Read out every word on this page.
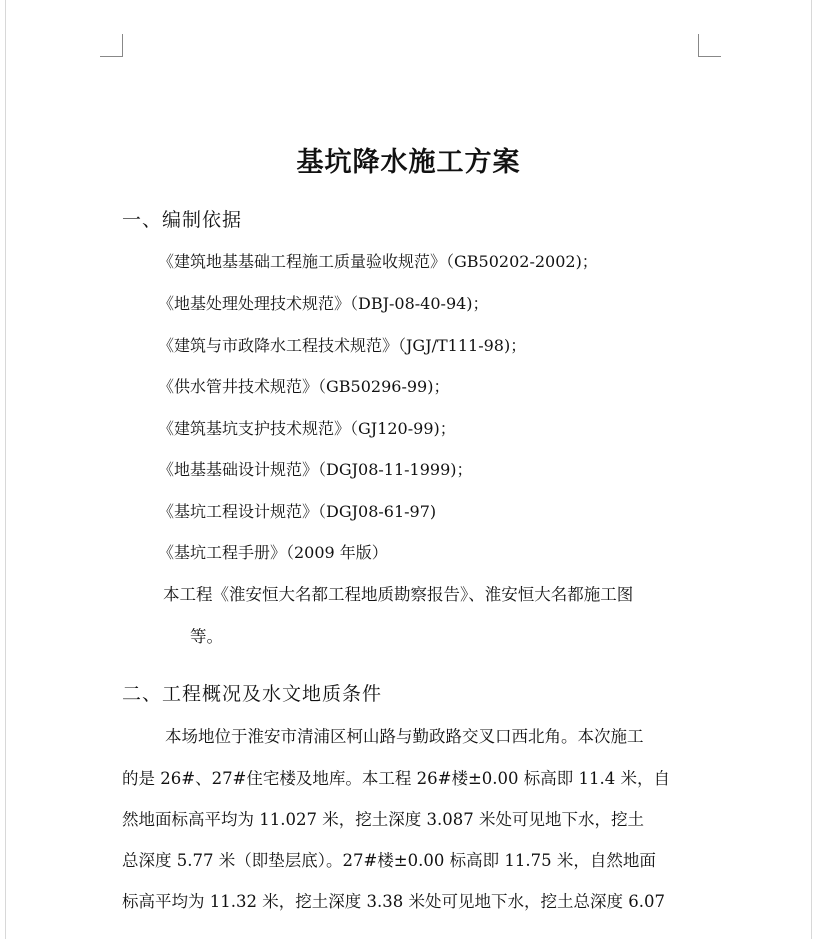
基坑降水施工方案
一、编制依据
《建筑地基基础工程施工质量验收规范》（GB50202-2002)；
《地基处理处理技术规范》（DBJ-08-40-94)；
《建筑与市政降水工程技术规范》（JGJ/T111-98)；
《供水管井技术规范》（GB50296-99)；
《建筑基坑支护技术规范》（GJ120-99)；
《地基基础设计规范》（DGJ08-11-1999)；
《基坑工程设计规范》（DGJ08-61-97)
《基坑工程手册》（2009 年版）
本工程《淮安恒大名都工程地质勘察报告》、淮安恒大名都施工图
等。
二、工程概况及水文地质条件
本场地位于淮安市清浦区柯山路与勤政路交叉口西北角。本次施工
的是 26#、27#住宅楼及地库。本工程 26#楼±0.00 标高即 11.4 米，自
然地面标高平均为 11.027 米，挖土深度 3.087 米处可见地下水，挖土
总深度 5.77 米（即垫层底）。27#楼±0.00 标高即 11.75 米，自然地面
标高平均为 11.32 米，挖土深度 3.38 米处可见地下水，挖土总深度 6.07
